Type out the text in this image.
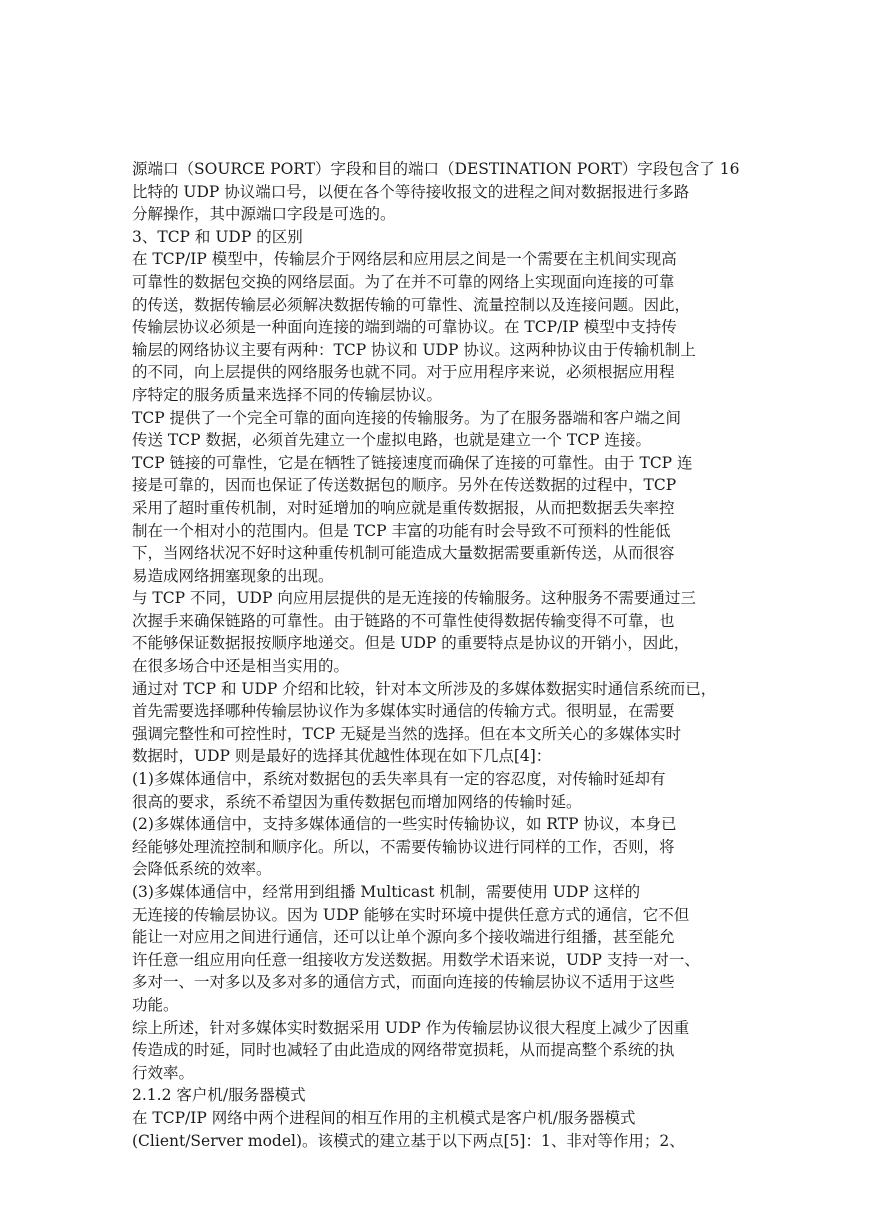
源端口（SOURCE PORT）字段和目的端口（DESTINATION PORT）字段包含了 16
比特的 UDP 协议端口号，以便在各个等待接收报文的进程之间对数据报进行多路
分解操作，其中源端口字段是可选的。
3、TCP 和 UDP 的区别
在 TCP/IP 模型中，传输层介于网络层和应用层之间是一个需要在主机间实现高
可靠性的数据包交换的网络层面。为了在并不可靠的网络上实现面向连接的可靠
的传送，数据传输层必须解决数据传输的可靠性、流量控制以及连接问题。因此，
传输层协议必须是一种面向连接的端到端的可靠协议。在 TCP/IP 模型中支持传
输层的网络协议主要有两种：TCP 协议和 UDP 协议。这两种协议由于传输机制上
的不同，向上层提供的网络服务也就不同。对于应用程序来说，必须根据应用程
序特定的服务质量来选择不同的传输层协议。
TCP 提供了一个完全可靠的面向连接的传输服务。为了在服务器端和客户端之间
传送 TCP 数据，必须首先建立一个虚拟电路，也就是建立一个 TCP 连接。
TCP 链接的可靠性，它是在牺牲了链接速度而确保了连接的可靠性。由于 TCP 连
接是可靠的，因而也保证了传送数据包的顺序。另外在传送数据的过程中，TCP
采用了超时重传机制，对时延增加的响应就是重传数据报，从而把数据丢失率控
制在一个相对小的范围内。但是 TCP 丰富的功能有时会导致不可预料的性能低
下，当网络状况不好时这种重传机制可能造成大量数据需要重新传送，从而很容
易造成网络拥塞现象的出现。
与 TCP 不同，UDP 向应用层提供的是无连接的传输服务。这种服务不需要通过三
次握手来确保链路的可靠性。由于链路的不可靠性使得数据传输变得不可靠，也
不能够保证数据报按顺序地递交。但是 UDP 的重要特点是协议的开销小，因此，
在很多场合中还是相当实用的。
通过对 TCP 和 UDP 介绍和比较，针对本文所涉及的多媒体数据实时通信系统而已，
首先需要选择哪种传输层协议作为多媒体实时通信的传输方式。很明显，在需要
强调完整性和可控性时，TCP 无疑是当然的选择。但在本文所关心的多媒体实时
数据时，UDP 则是最好的选择其优越性体现在如下几点[4]：
(1)多媒体通信中，系统对数据包的丢失率具有一定的容忍度，对传输时延却有
很高的要求，系统不希望因为重传数据包而增加网络的传输时延。
(2)多媒体通信中，支持多媒体通信的一些实时传输协议，如 RTP 协议，本身已
经能够处理流控制和顺序化。所以，不需要传输协议进行同样的工作，否则，将
会降低系统的效率。
(3)多媒体通信中，经常用到组播 Multicast 机制，需要使用 UDP 这样的
无连接的传输层协议。因为 UDP 能够在实时环境中提供任意方式的通信，它不但
能让一对应用之间进行通信，还可以让单个源向多个接收端进行组播，甚至能允
许任意一组应用向任意一组接收方发送数据。用数学术语来说，UDP 支持一对一、
多对一、一对多以及多对多的通信方式，而面向连接的传输层协议不适用于这些
功能。
综上所述，针对多媒体实时数据采用 UDP 作为传输层协议很大程度上减少了因重
传造成的时延，同时也减轻了由此造成的网络带宽损耗，从而提高整个系统的执
行效率。
2.1.2 客户机/服务器模式
在 TCP/IP 网络中两个进程间的相互作用的主机模式是客户机/服务器模式
(Client/Server model)。该模式的建立基于以下两点[5]：1、非对等作用；2、
